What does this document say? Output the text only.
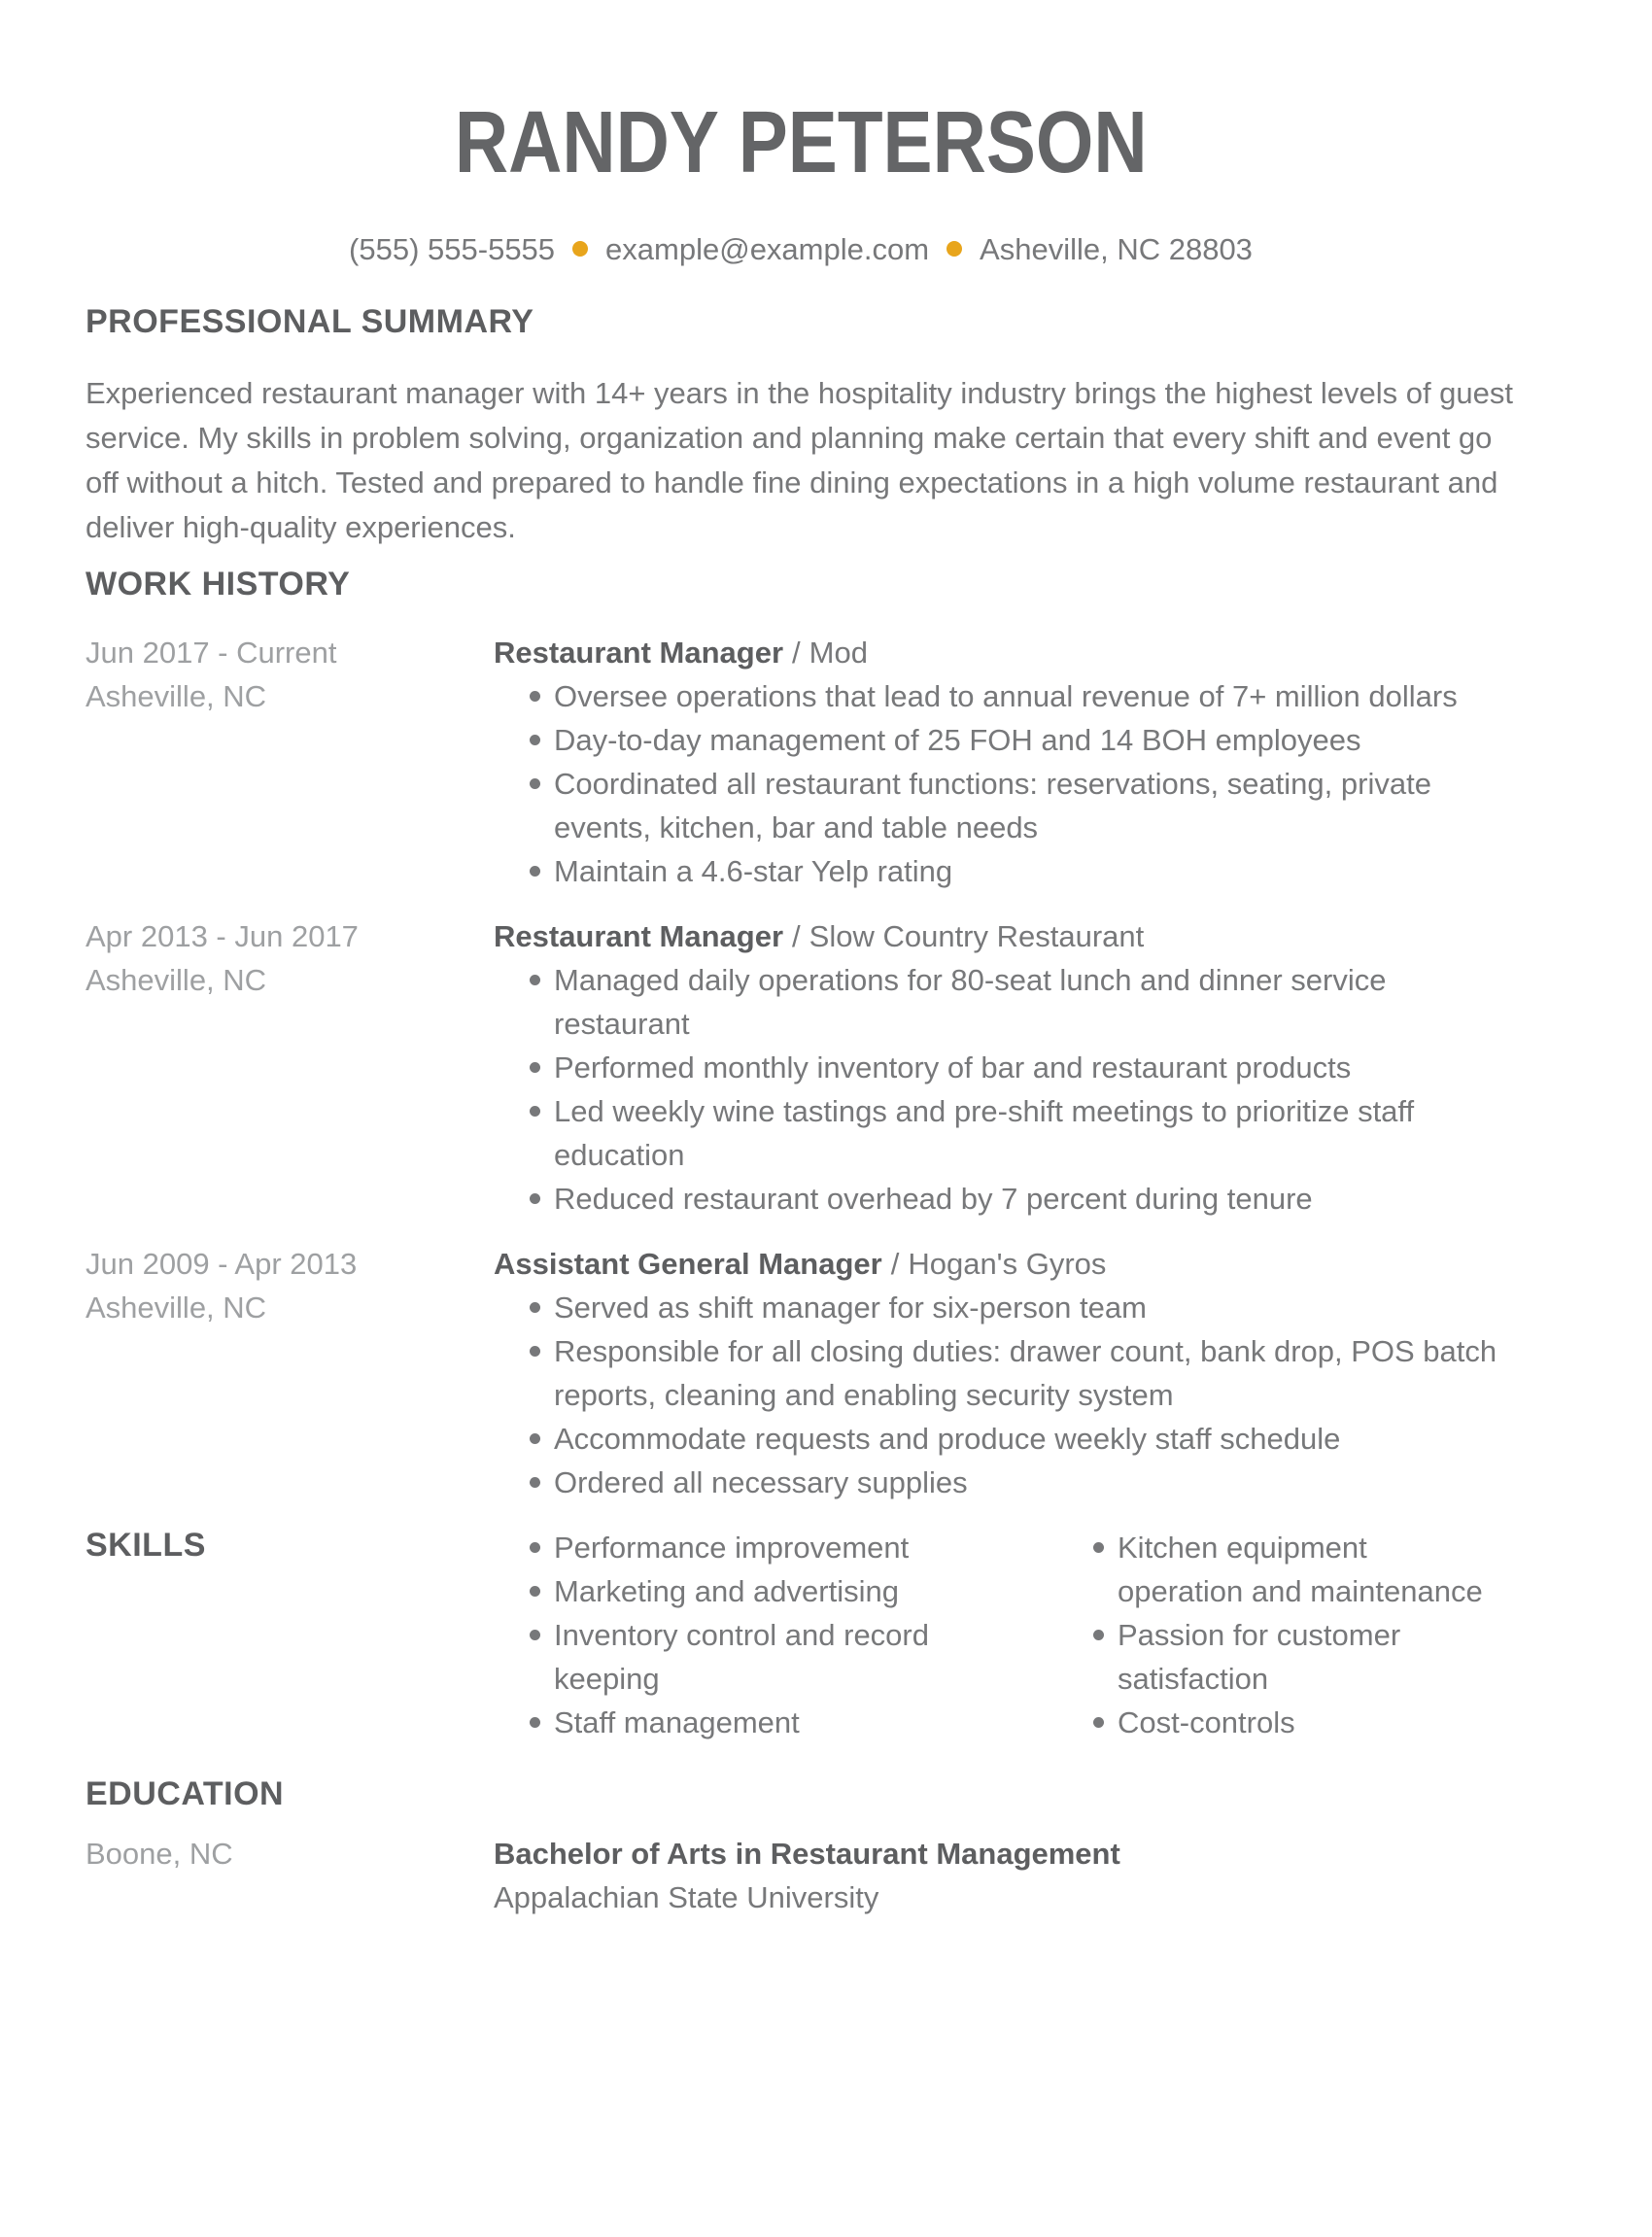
RANDY PETERSON
(555) 555-5555 example@example.com Asheville, NC 28803
PROFESSIONAL SUMMARY

Experienced restaurant manager with 14+ years in the hospitality industry brings the highest levels of guest service. My skills in problem solving, organization and planning make certain that every shift and event go off without a hitch. Tested and prepared to handle fine dining expectations in a high volume restaurant and deliver high-quality experiences.

WORK HISTORY
Jun 2017 - Current
Asheville, NC
Restaurant Manager / Mod
Oversee operations that lead to annual revenue of 7+ million dollars
Day-to-day management of 25 FOH and 14 BOH employees
Coordinated all restaurant functions: reservations, seating, private events, kitchen, bar and table needs
Maintain a 4.6-star Yelp rating
Apr 2013 - Jun 2017
Asheville, NC
Restaurant Manager / Slow Country Restaurant
Managed daily operations for 80-seat lunch and dinner service restaurant
Performed monthly inventory of bar and restaurant products
Led weekly wine tastings and pre-shift meetings to prioritize staff education
Reduced restaurant overhead by 7 percent during tenure
Jun 2009 - Apr 2013
Asheville, NC
Assistant General Manager / Hogan's Gyros
Served as shift manager for six-person team
Responsible for all closing duties: drawer count, bank drop, POS batch reports, cleaning and enabling security system
Accommodate requests and produce weekly staff schedule
Ordered all necessary supplies
SKILLS	Performance improvement
Marketing and advertising
Inventory control and record keeping
Staff management
Kitchen equipment operation and maintenance
Passion for customer satisfaction
Cost-controls
EDUCATION
Boone, NC	Bachelor of Arts in Restaurant Management
Appalachian State University
